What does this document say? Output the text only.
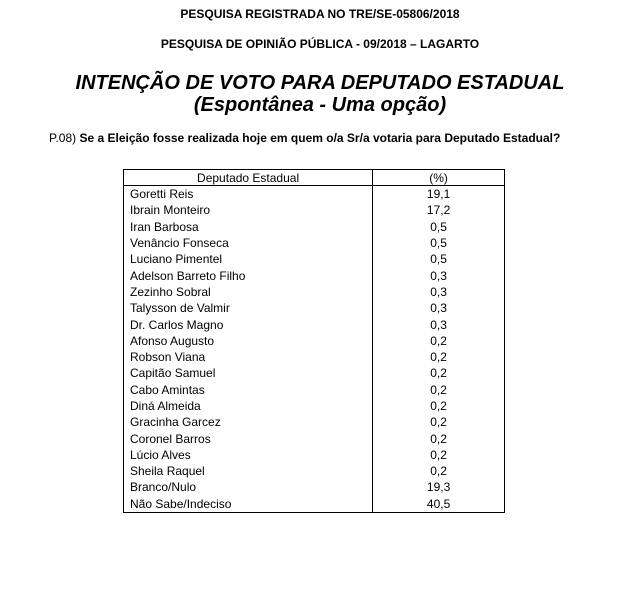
PESQUISA REGISTRADA NO TRE/SE-05806/2018
PESQUISA DE OPINIÃO PÚBLICA - 09/2018 – LAGARTO
INTENÇÃO DE VOTO PARA DEPUTADO ESTADUAL
(Espontânea - Uma opção)
P.08) Se a Eleição fosse realizada hoje em quem o/a Sr/a votaria para Deputado Estadual?
Deputado Estadual	(%)
Goretti Reis	19,1
Ibrain Monteiro	17,2
Iran Barbosa	0,5
Venâncio Fonseca	0,5
Luciano Pimentel	0,5
Adelson Barreto Filho	0,3
Zezinho Sobral	0,3
Talysson de Valmir	0,3
Dr. Carlos Magno	0,3
Afonso Augusto	0,2
Robson Viana	0,2
Capitão Samuel	0,2
Cabo Amintas	0,2
Diná Almeida	0,2
Gracinha Garcez	0,2
Coronel Barros	0,2
Lúcio Alves	0,2
Sheila Raquel	0,2
Branco/Nulo	19,3
Não Sabe/Indeciso	40,5
